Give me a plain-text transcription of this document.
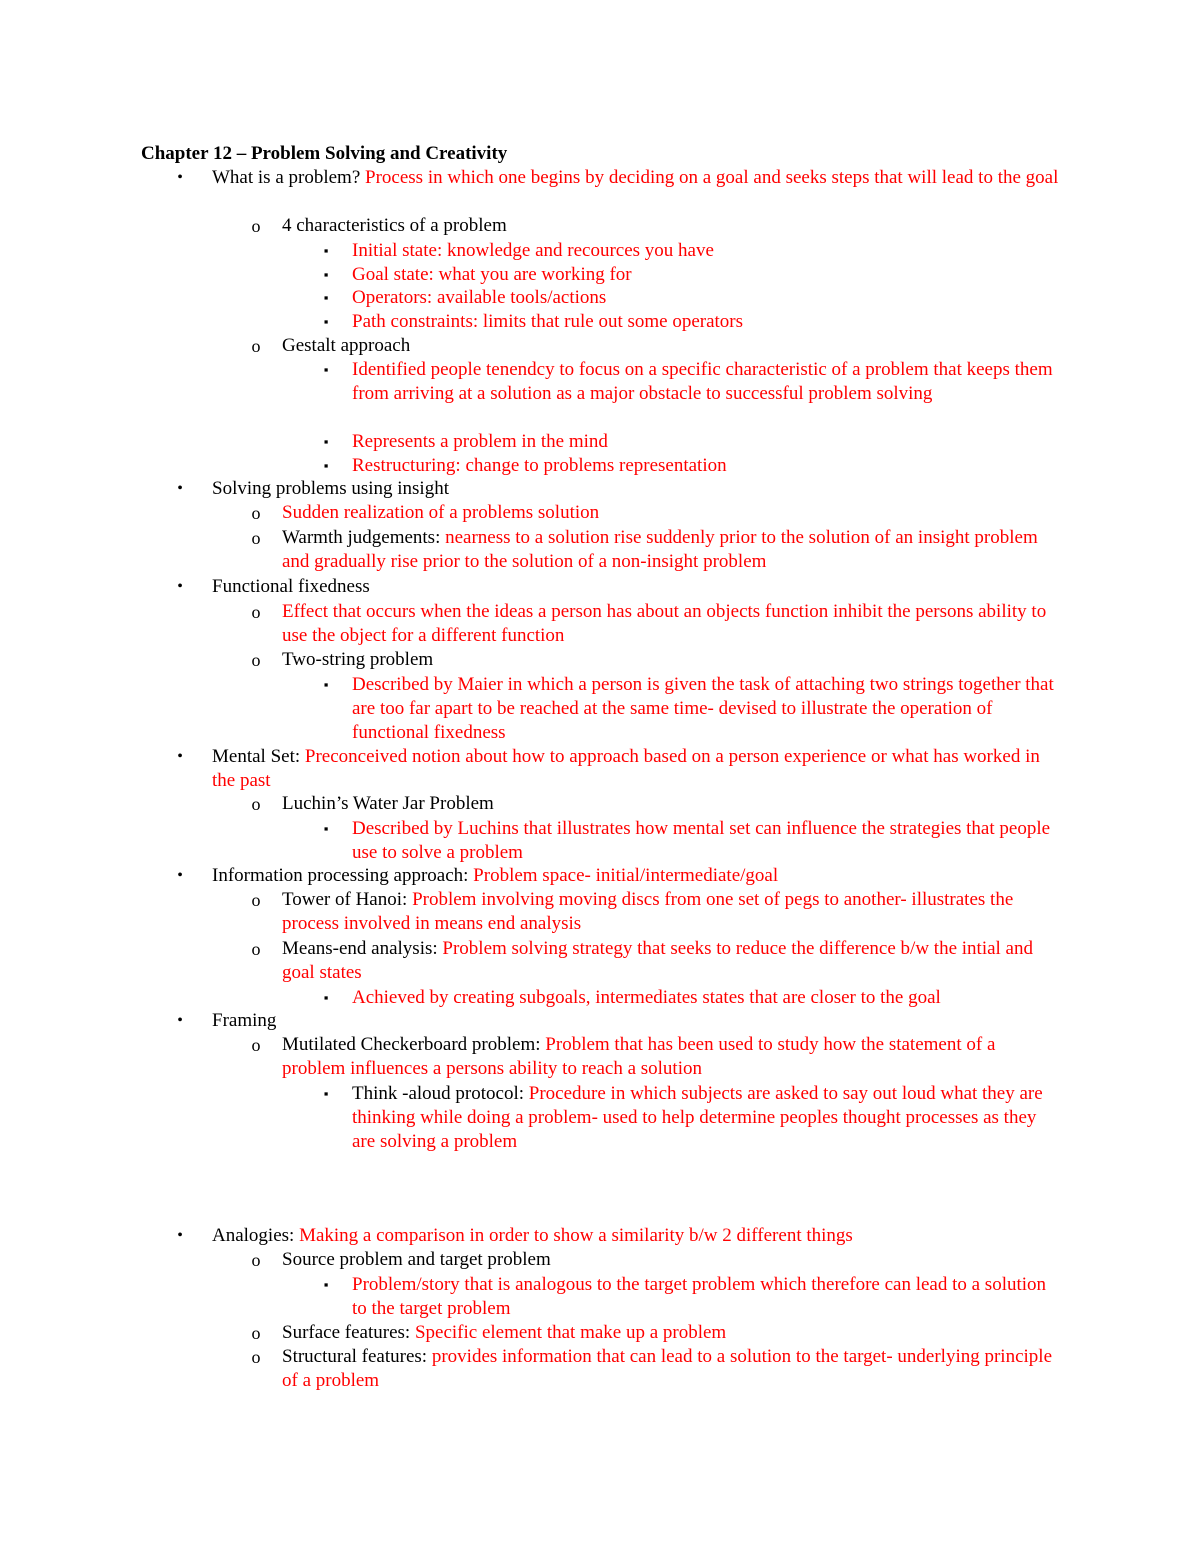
Chapter 12 – Problem Solving and Creativity
•	What is a problem? Process in which one begins by deciding on a goal and seeks steps that will lead to the goal
o 4 characteristics of a problem
▪	Initial state: knowledge and recources you have
▪	Goal state: what you are working for
▪	Operators: available tools/actions
▪	Path constraints: limits that rule out some operators
o Gestalt approach
▪	Identified people tenendcy to focus on a specific characteristic of a problem that keeps them from arriving at a solution as a major obstacle to successful problem solving
▪	Represents a problem in the mind
▪	Restructuring: change to problems representation
•	Solving problems using insight
o Sudden realization of a problems solution
o Warmth judgements: nearness to a solution rise suddenly prior to the solution of an insight problem and gradually rise prior to the solution of a non-insight problem
•	Functional fixedness
o Effect that occurs when the ideas a person has about an objects function inhibit the persons ability to use the object for a different function
o Two-string problem
▪	Described by Maier in which a person is given the task of attaching two strings together that are too far apart to be reached at the same time- devised to illustrate the operation of functional fixedness
•	Mental Set: Preconceived notion about how to approach based on a person experience or what has worked in the past
o Luchin’s Water Jar Problem
▪	Described by Luchins that illustrates how mental set can influence the strategies that people use to solve a problem
•	Information processing approach: Problem space- initial/intermediate/goal
o Tower of Hanoi: Problem involving moving discs from one set of pegs to another- illustrates the process involved in means end analysis
o Means-end analysis: Problem solving strategy that seeks to reduce the difference b/w the intial and goal states
▪	Achieved by creating subgoals, intermediates states that are closer to the goal
•	Framing
o Mutilated Checkerboard problem: Problem that has been used to study how the statement of a problem influences a persons ability to reach a solution
▪	Think -aloud protocol: Procedure in which subjects are asked to say out loud what they are thinking while doing a problem- used to help determine peoples thought processes as they are solving a problem
•	Analogies: Making a comparison in order to show a similarity b/w 2 different things
o Source problem and target problem
▪	Problem/story that is analogous to the target problem which therefore can lead to a solution to the target problem
o Surface features: Specific element that make up a problem
o Structural features: provides information that can lead to a solution to the target- underlying principle of a problem
